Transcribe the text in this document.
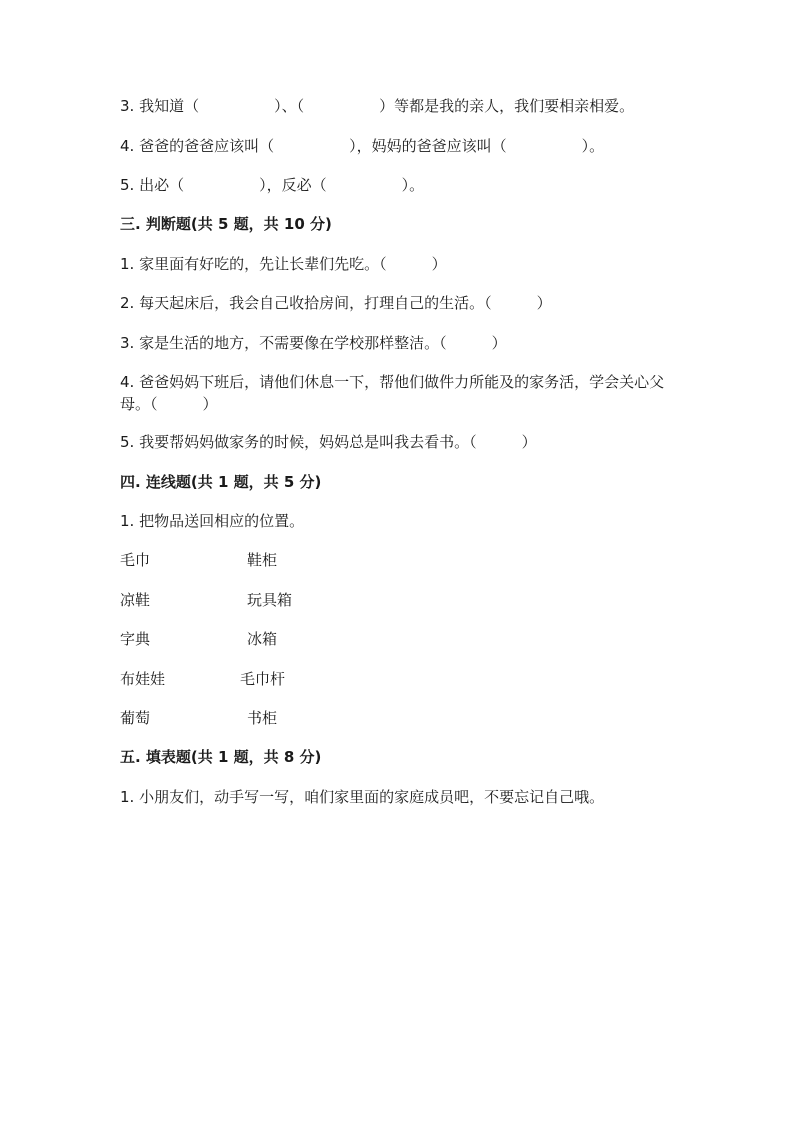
3. 我知道（　　　　　）、（　　　　　）等都是我的亲人，我们要相亲相爱。

4. 爸爸的爸爸应该叫（　　　　　），妈妈的爸爸应该叫（　　　　　）。

5. 出必（　　　　　），反必（　　　　　）。

三. 判断题(共 5 题，共 10 分)

1. 家里面有好吃的，先让长辈们先吃。（　　　）

2. 每天起床后，我会自己收拾房间，打理自己的生活。（　　　）

3. 家是生活的地方，不需要像在学校那样整洁。（　　　）

4. 爸爸妈妈下班后，请他们休息一下，帮他们做件力所能及的家务活，学会关心父母。（　　　）

5. 我要帮妈妈做家务的时候，妈妈总是叫我去看书。（　　　）

四. 连线题(共 1 题，共 5 分)

1. 把物品送回相应的位置。

毛巾	鞋柜
凉鞋	玩具箱
字典	冰箱
布娃娃	毛巾杆
葡萄	书柜

五. 填表题(共 1 题，共 8 分)

1. 小朋友们，动手写一写，咱们家里面的家庭成员吧，不要忘记自己哦。
